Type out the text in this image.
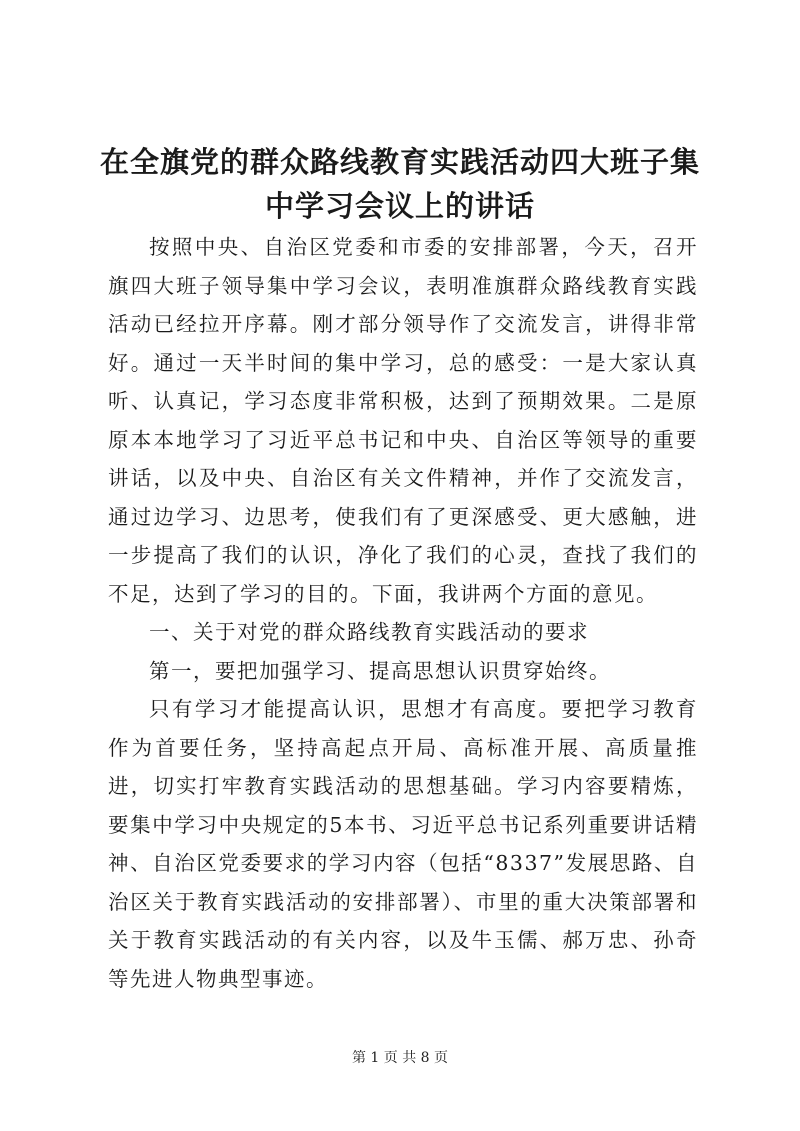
在全旗党的群众路线教育实践活动四大班子集中学习会议上的讲话

按照中央、自治区党委和市委的安排部署，今天，召开旗四大班子领导集中学习会议，表明准旗群众路线教育实践活动已经拉开序幕。刚才部分领导作了交流发言，讲得非常好。通过一天半时间的集中学习，总的感受：一是大家认真听、认真记，学习态度非常积极，达到了预期效果。二是原原本本地学习了习近平总书记和中央、自治区等领导的重要讲话，以及中央、自治区有关文件精神，并作了交流发言，通过边学习、边思考，使我们有了更深感受、更大感触，进一步提高了我们的认识，净化了我们的心灵，查找了我们的不足，达到了学习的目的。下面，我讲两个方面的意见。

一、关于对党的群众路线教育实践活动的要求

第一，要把加强学习、提高思想认识贯穿始终。

只有学习才能提高认识，思想才有高度。要把学习教育作为首要任务，坚持高起点开局、高标准开展、高质量推进，切实打牢教育实践活动的思想基础。学习内容要精炼，要集中学习中央规定的5本书、习近平总书记系列重要讲话精神、自治区党委要求的学习内容（包括“8337”发展思路、自治区关于教育实践活动的安排部署）、市里的重大决策部署和关于教育实践活动的有关内容，以及牛玉儒、郝万忠、孙奇等先进人物典型事迹。

第 1 页 共 8 页
